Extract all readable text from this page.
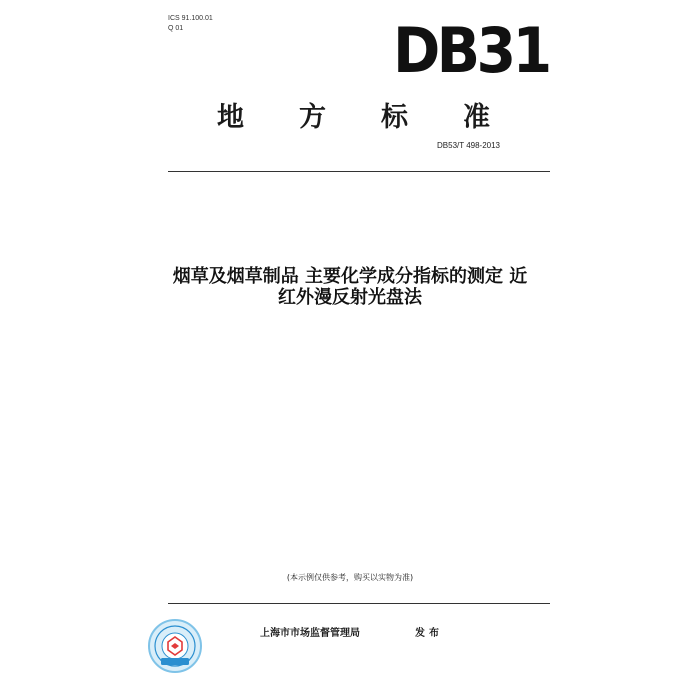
ICS 91.100.01
Q 01	DB31
地 方 标 准
DB53/T 498-2013
烟草及烟草制品 主要化学成分指标的测定 近
红外漫反射光盘法
(本示例仅供参考，购买以实物为准)
上海市市场监督管理局	发布
